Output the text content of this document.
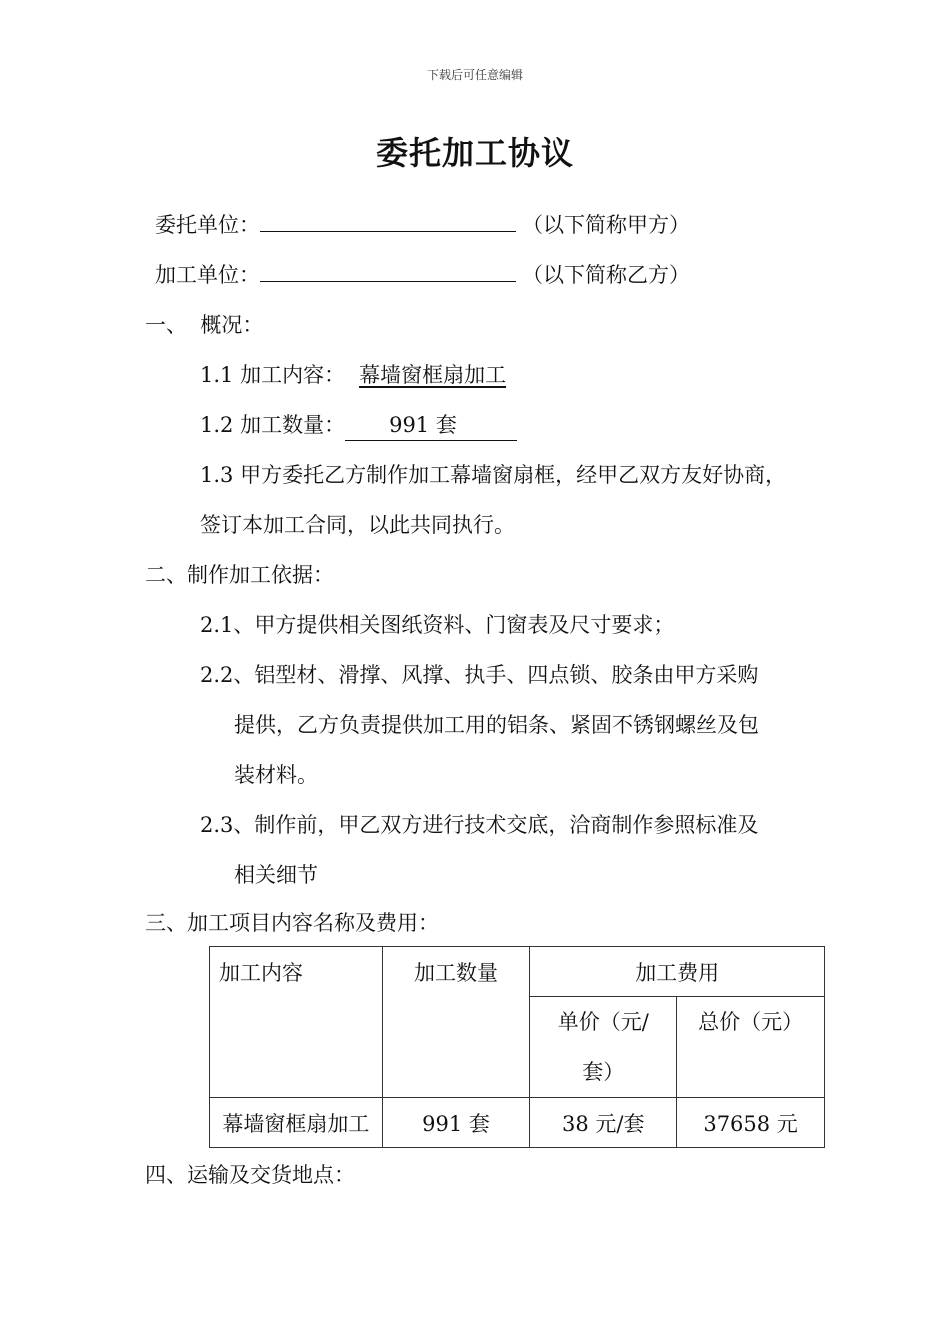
下载后可任意编辑
委托加工协议
委托单位：	（以下简称甲方）
加工单位：	（以下简称乙方）
一、  概况：
1.1 加工内容： 幕墙窗框扇加工
1.2 加工数量： 991 套

1.3 甲方委托乙方制作加工幕墙窗扇框，经甲乙双方友好协商，
签订本加工合同，以此共同执行。
二、制作加工依据：
2.1、甲方提供相关图纸资料、门窗表及尺寸要求；
2.2、铝型材、滑撑、风撑、执手、四点锁、胶条由甲方采购
提供，乙方负责提供加工用的铝条、紧固不锈钢螺丝及包
装材料。
2.3、制作前，甲乙双方进行技术交底，洽商制作参照标准及
相关细节
三、加工项目内容名称及费用：
加工内容	加工数量	加工费用	

		单价（元/
套）	总价（元）
幕墙窗框扇加工	991 套	38 元/套	37658 元
四、运输及交货地点：
